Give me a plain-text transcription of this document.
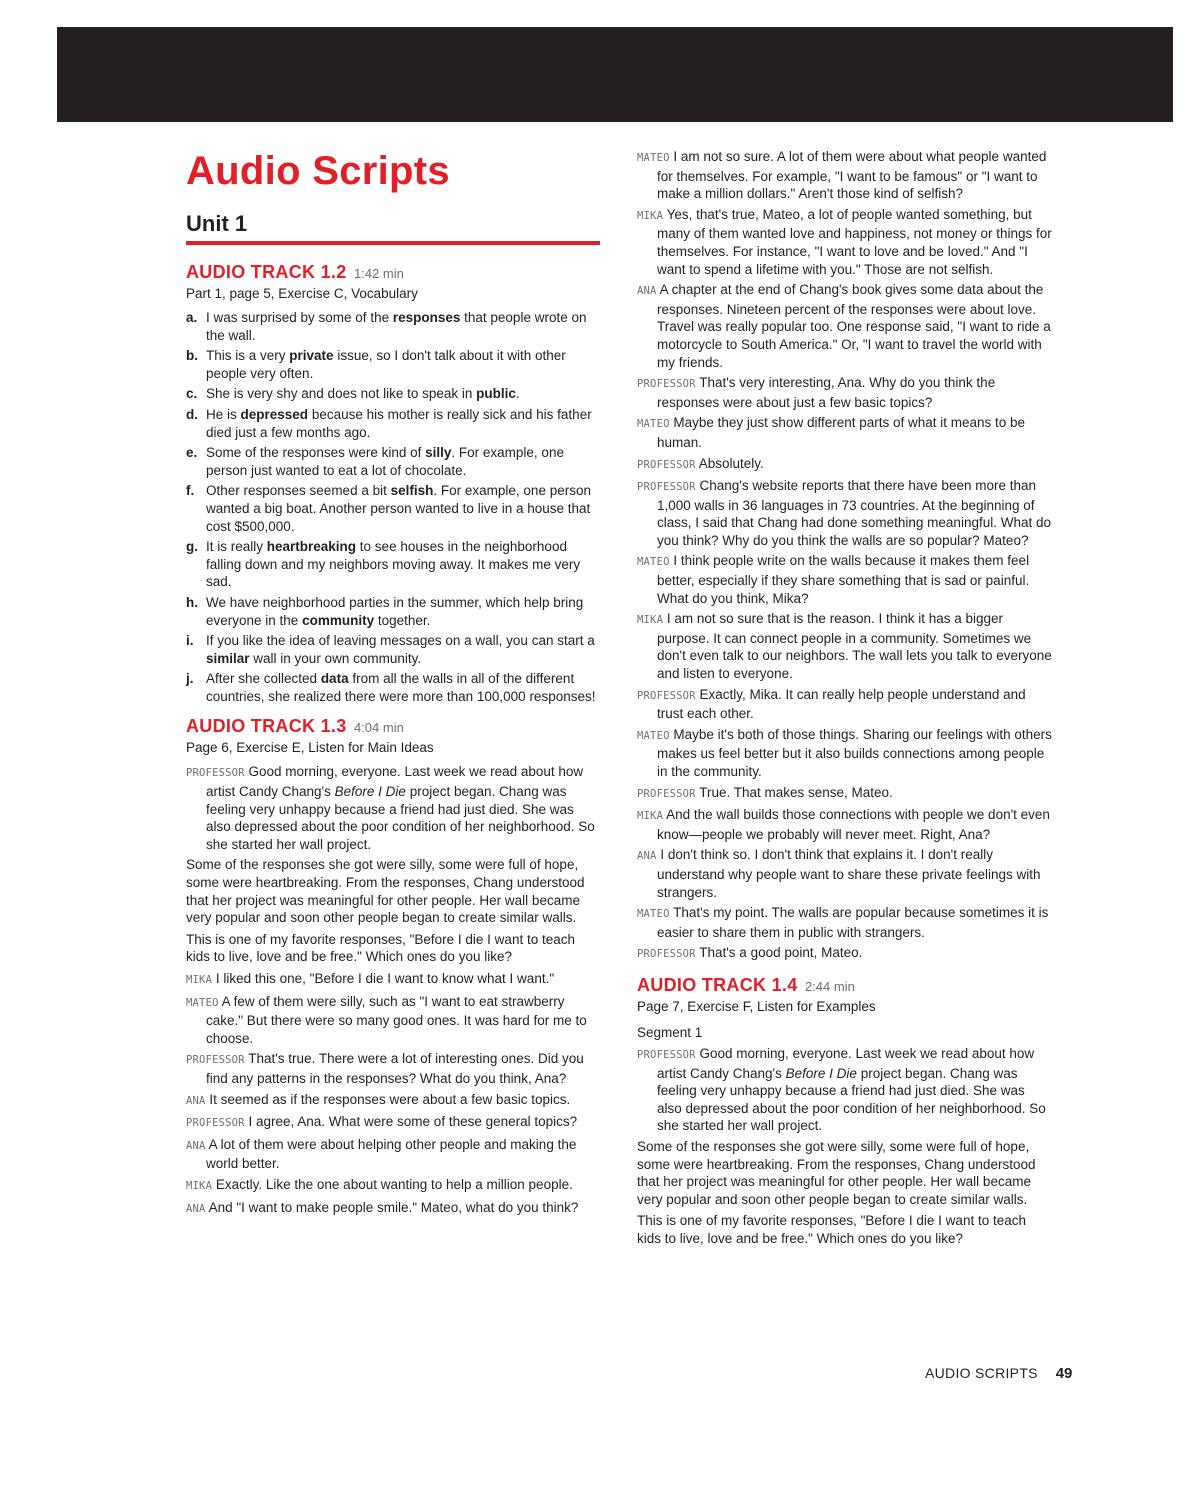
Audio Scripts
Unit 1
AUDIO TRACK 1.2 1:42 min
Part 1, page 5, Exercise C, Vocabulary
a. I was surprised by some of the responses that people wrote on the wall.
b. This is a very private issue, so I don't talk about it with other people very often.
c. She is very shy and does not like to speak in public.
d. He is depressed because his mother is really sick and his father died just a few months ago.
e. Some of the responses were kind of silly. For example, one person just wanted to eat a lot of chocolate.
f. Other responses seemed a bit selfish. For example, one person wanted a big boat. Another person wanted to live in a house that cost $500,000.
g. It is really heartbreaking to see houses in the neighborhood falling down and my neighbors moving away. It makes me very sad.
h. We have neighborhood parties in the summer, which help bring everyone in the community together.
i. If you like the idea of leaving messages on a wall, you can start a similar wall in your own community.
j. After she collected data from all the walls in all of the different countries, she realized there were more than 100,000 responses!
AUDIO TRACK 1.3 4:04 min
Page 6, Exercise E, Listen for Main Ideas
PROFESSOR Good morning, everyone. Last week we read about how artist Candy Chang's Before I Die project began. Chang was feeling very unhappy because a friend had just died. She was also depressed about the poor condition of her neighborhood. So she started her wall project.

Some of the responses she got were silly, some were full of hope, some were heartbreaking. From the responses, Chang understood that her project was meaningful for other people. Her wall became very popular and soon other people began to create similar walls.

This is one of my favorite responses, "Before I die I want to teach kids to live, love and be free." Which ones do you like?

MIKA I liked this one, "Before I die I want to know what I want."
MATEO A few of them were silly, such as "I want to eat strawberry cake." But there were so many good ones. It was hard for me to choose.
PROFESSOR That's true. There were a lot of interesting ones. Did you find any patterns in the responses? What do you think, Ana?
ANA It seemed as if the responses were about a few basic topics.
PROFESSOR I agree, Ana. What were some of these general topics?
ANA A lot of them were about helping other people and making the world better.
MIKA Exactly. Like the one about wanting to help a million people.
ANA And "I want to make people smile." Mateo, what do you think?
MATEO I am not so sure. A lot of them were about what people wanted for themselves. For example, "I want to be famous" or "I want to make a million dollars." Aren't those kind of selfish?
MIKA Yes, that's true, Mateo, a lot of people wanted something, but many of them wanted love and happiness, not money or things for themselves. For instance, "I want to love and be loved." And "I want to spend a lifetime with you." Those are not selfish.
ANA A chapter at the end of Chang's book gives some data about the responses. Nineteen percent of the responses were about love. Travel was really popular too. One response said, "I want to ride a motorcycle to South America." Or, "I want to travel the world with my friends.
PROFESSOR That's very interesting, Ana. Why do you think the responses were about just a few basic topics?
MATEO Maybe they just show different parts of what it means to be human.
PROFESSOR Absolutely.
PROFESSOR Chang's website reports that there have been more than 1,000 walls in 36 languages in 73 countries. At the beginning of class, I said that Chang had done something meaningful. What do you think? Why do you think the walls are so popular? Mateo?
MATEO I think people write on the walls because it makes them feel better, especially if they share something that is sad or painful. What do you think, Mika?
MIKA I am not so sure that is the reason. I think it has a bigger purpose. It can connect people in a community. Sometimes we don't even talk to our neighbors. The wall lets you talk to everyone and listen to everyone.
PROFESSOR Exactly, Mika. It can really help people understand and trust each other.
MATEO Maybe it's both of those things. Sharing our feelings with others makes us feel better but it also builds connections among people in the community.
PROFESSOR True. That makes sense, Mateo.
MIKA And the wall builds those connections with people we don't even know—people we probably will never meet. Right, Ana?
ANA I don't think so. I don't think that explains it. I don't really understand why people want to share these private feelings with strangers.
MATEO That's my point. The walls are popular because sometimes it is easier to share them in public with strangers.
PROFESSOR That's a good point, Mateo.
AUDIO TRACK 1.4 2:44 min
Page 7, Exercise F, Listen for Examples
Segment 1
PROFESSOR Good morning, everyone. Last week we read about how artist Candy Chang's Before I Die project began. Chang was feeling very unhappy because a friend had just died. She was also depressed about the poor condition of her neighborhood. So she started her wall project.

Some of the responses she got were silly, some were full of hope, some were heartbreaking. From the responses, Chang understood that her project was meaningful for other people. Her wall became very popular and soon other people began to create similar walls.

This is one of my favorite responses, "Before I die I want to teach kids to live, love and be free." Which ones do you like?

AUDIO SCRIPTS 49
